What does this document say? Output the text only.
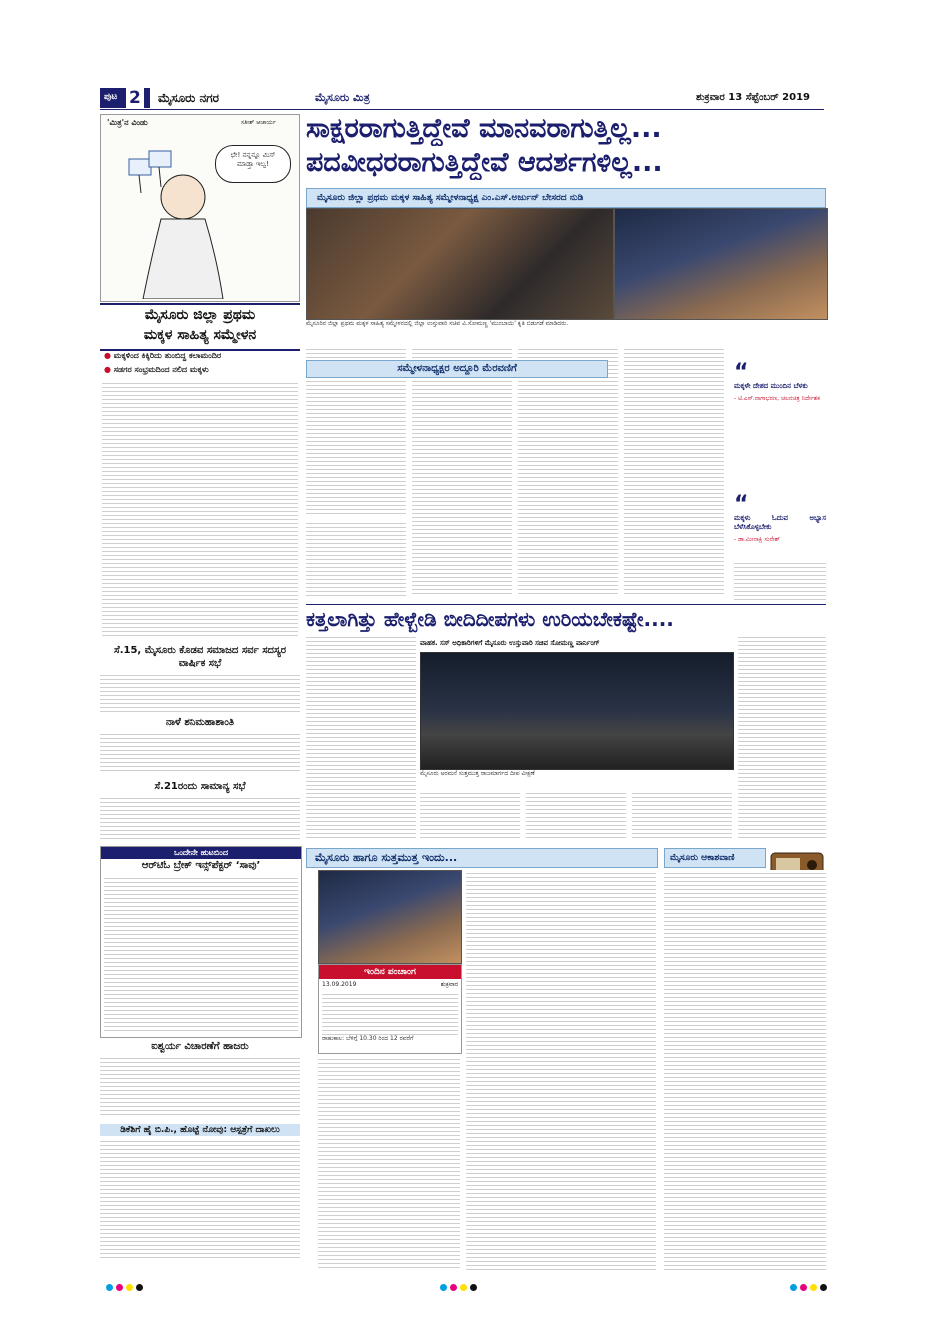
ಪುಟ 2 ಮೈಸೂರು ನಗರ	ಮೈಸೂರು ಮಿತ್ರ	ಶುಕ್ರವಾರ 13 ಸೆಪ್ಟೆಂಬರ್ 2019
'ಮಿತ್ರ'ನ ವಿಂಡು	ಸತೀಶ್ ಆಚಾರ್ಯ
ಛೇ! ನನ್ನನ್ನೂ ಮಿಸ್ ಮಾಡ್ತಾ ಇಲ್ವ!
ಸಾಕ್ಷರರಾಗುತ್ತಿದ್ದೇವೆ ಮಾನವರಾಗುತ್ತಿಲ್ಲ...
ಪದವೀಧರರಾಗುತ್ತಿದ್ದೇವೆ ಆದರ್ಶಗಳಿಲ್ಲ...
ಮೈಸೂರು ಜಿಲ್ಲಾ ಪ್ರಥಮ ಮಕ್ಕಳ ಸಾಹಿತ್ಯ ಸಮ್ಮೇಳನಾಧ್ಯಕ್ಷ ಎಂ.ಎಸ್.ಅರ್ಜುನ್ ಬೇಸರದ ನುಡಿ
ಮೈಸೂರಿನ ಜಿಲ್ಲಾ ಪ್ರಥಮ ಮಕ್ಕಳ ಸಾಹಿತ್ಯ ಸಮ್ಮೇಳನದಲ್ಲಿ ಜಿಲ್ಲಾ ಉಸ್ತುವಾರಿ ಸಚಿವ ವಿ.ಸೋಮಣ್ಣ 'ಮುಂಬಾಯಿ' ಕೃತಿ ಬಿಡುಗಡೆ ಮಾಡಿದರು.
ಮೈಸೂರು ಜಿಲ್ಲಾ ಪ್ರಥಮ
ಮಕ್ಕಳ ಸಾಹಿತ್ಯ ಸಮ್ಮೇಳನ
● ಮಕ್ಕಳಿಂದ ಕಿಕ್ಕಿರಿದು ತುಂಬಿದ್ದ ಕಲಾಮಂದಿರ
● ಸಡಗರ ಸಂಭ್ರಮದಿಂದ ನಲಿದ ಮಕ್ಕಳು	ಸಮ್ಮೇಳನಾಧ್ಯಕ್ಷರ ಅದ್ದೂರಿ ಮೆರವಣಿಗೆ	“
ಮಕ್ಕಳೇ ದೇಶದ ಮುಂದಿನ ಬೆಳಕು
- ಟಿ.ಎಸ್.ನಾಗಾಭರಣ, ಚಲನಚಿತ್ರ ನಿರ್ದೇಶಕ
“
ಮಕ್ಕಳು ಓದುವ ಅಭ್ಯಾಸ ಬೆಳೆಸಿಕೊಳ್ಳಬೇಕು
- ಡಾ.ಮೀನಾಕ್ಷಿ ಸುರೇಶ್
ಕತ್ತಲಾಗಿತ್ತು ಹೇಳ್ಬೇಡಿ ಬೀದಿದೀಪಗಳು ಉರಿಯಬೇಕಷ್ಟೇ....
ವಾಹಕ. ಸಸ್ ಅಧಿಕಾರಿಗಳಿಗೆ ಮೈಸೂರು ಉಸ್ತುವಾರಿ ಸಚಿವ ಸೋಮಣ್ಣ ವಾರ್ನಿಂಗ್
ಮೈಸೂರು ಅರಮನೆ ಸುತ್ತಮುತ್ತ ರಾಜಮಾರ್ಗದ ದೀಪ ವೀಕ್ಷಣೆ
ಸೆ.15, ಮೈಸೂರು ಕೊಡವ ಸಮಾಜದ ಸರ್ವ ಸದಸ್ಯರ ವಾರ್ಷಿಕ ಸಭೆ
ನಾಳೆ ಶನಿಮಹಾಶಾಂತಿ
ಸೆ.21ರಂದು ಸಾಮಾನ್ಯ ಸಭೆ
ಒಂದೇನೇ ಹುಟಬಿಂದ
ಆರ್‌ಟಿಓ ಬ್ರೇಕ್ ಇನ್ಸ್‌ಪೆಕ್ಟರ್ ‘ಸಾವು’
ಐಶ್ವರ್ಯ ವಿಚಾರಣೆಗೆ ಹಾಜರು
ಡಿಕೆಶಿಗೆ ಹೈ ಬಿ.ಪಿ., ಹೊಟ್ಟೆ ನೋವು: ಆಸ್ಪತ್ರೆಗೆ ದಾಖಲು
ಮೈಸೂರು ಹಾಗೂ ಸುತ್ತಮುತ್ತ ಇಂದು...
ಇಂದಿನ ಪಂಚಾಂಗ
13.09.2019	ಶುಕ್ರವಾರ
ರಾಹುಕಾಲ: ಬೆಳಿಗ್ಗೆ 10.30 ರಿಂದ 12 ರವರೆಗೆ
ಮೈಸೂರು ಆಕಾಶವಾಣಿ
